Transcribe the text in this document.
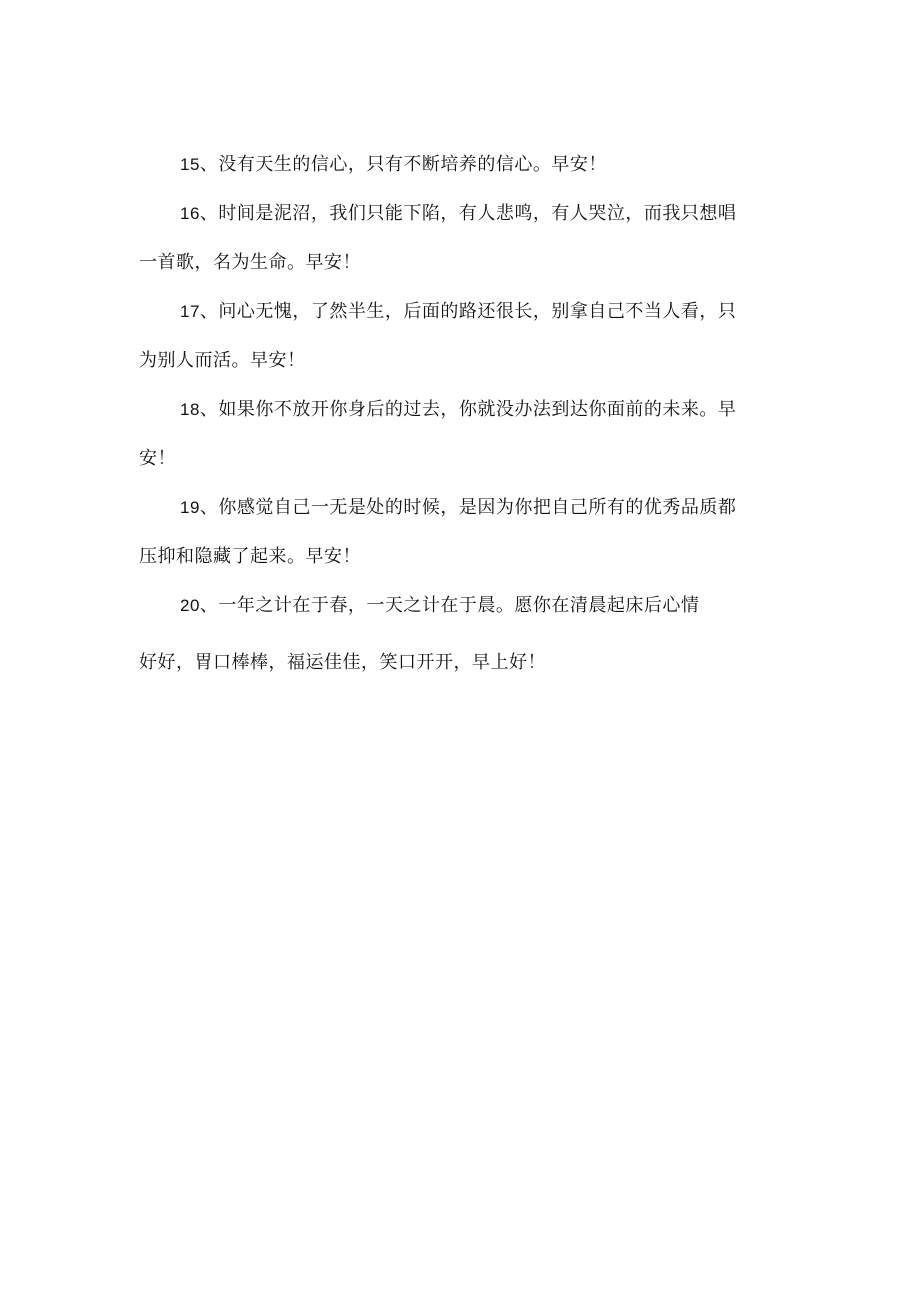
15、没有天生的信心，只有不断培养的信心。早安！

16、时间是泥沼，我们只能下陷，有人悲鸣，有人哭泣，而我只想唱
一首歌，名为生命。早安！

17、问心无愧，了然半生，后面的路还很长，别拿自己不当人看，只
为别人而活。早安！

18、如果你不放开你身后的过去，你就没办法到达你面前的未来。早
安！

19、你感觉自己一无是处的时候，是因为你把自己所有的优秀品质都
压抑和隐藏了起来。早安！

20、一年之计在于春，一天之计在于晨。愿你在清晨起床后心情
好好，胃口棒棒，福运佳佳，笑口开开，早上好！
